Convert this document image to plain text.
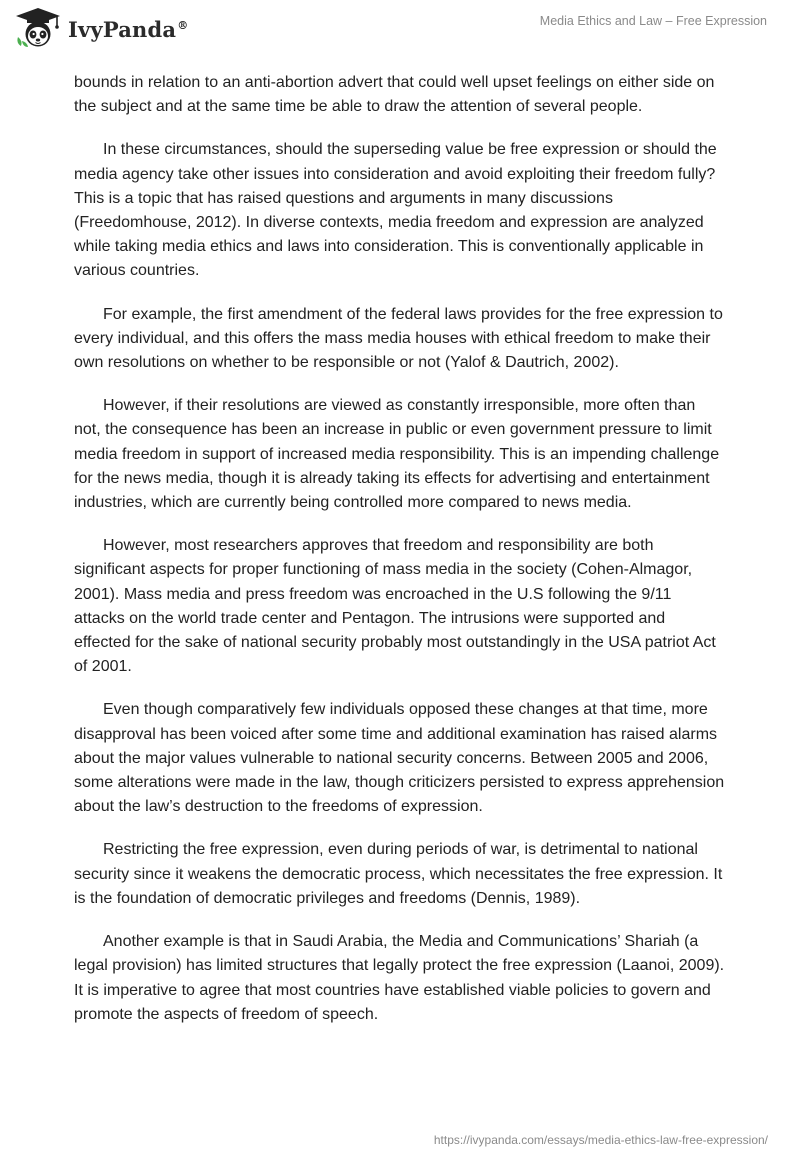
IvyPanda®	Media Ethics and Law – Free Expression

bounds in relation to an anti-abortion advert that could well upset feelings on either side on the subject and at the same time be able to draw the attention of several people.

In these circumstances, should the superseding value be free expression or should the media agency take other issues into consideration and avoid exploiting their freedom fully? This is a topic that has raised questions and arguments in many discussions (Freedomhouse, 2012). In diverse contexts, media freedom and expression are analyzed while taking media ethics and laws into consideration. This is conventionally applicable in various countries.

For example, the first amendment of the federal laws provides for the free expression to every individual, and this offers the mass media houses with ethical freedom to make their own resolutions on whether to be responsible or not (Yalof & Dautrich, 2002).

However, if their resolutions are viewed as constantly irresponsible, more often than not, the consequence has been an increase in public or even government pressure to limit media freedom in support of increased media responsibility. This is an impending challenge for the news media, though it is already taking its effects for advertising and entertainment industries, which are currently being controlled more compared to news media.

However, most researchers approves that freedom and responsibility are both significant aspects for proper functioning of mass media in the society (Cohen-Almagor, 2001). Mass media and press freedom was encroached in the U.S following the 9/11 attacks on the world trade center and Pentagon. The intrusions were supported and effected for the sake of national security probably most outstandingly in the USA patriot Act of 2001.

Even though comparatively few individuals opposed these changes at that time, more disapproval has been voiced after some time and additional examination has raised alarms about the major values vulnerable to national security concerns. Between 2005 and 2006, some alterations were made in the law, though criticizers persisted to express apprehension about the law’s destruction to the freedoms of expression.

Restricting the free expression, even during periods of war, is detrimental to national security since it weakens the democratic process, which necessitates the free expression. It is the foundation of democratic privileges and freedoms (Dennis, 1989).

Another example is that in Saudi Arabia, the Media and Communications’ Shariah (a legal provision) has limited structures that legally protect the free expression (Laanoi, 2009). It is imperative to agree that most countries have established viable policies to govern and promote the aspects of freedom of speech.

https://ivypanda.com/essays/media-ethics-law-free-expression/
